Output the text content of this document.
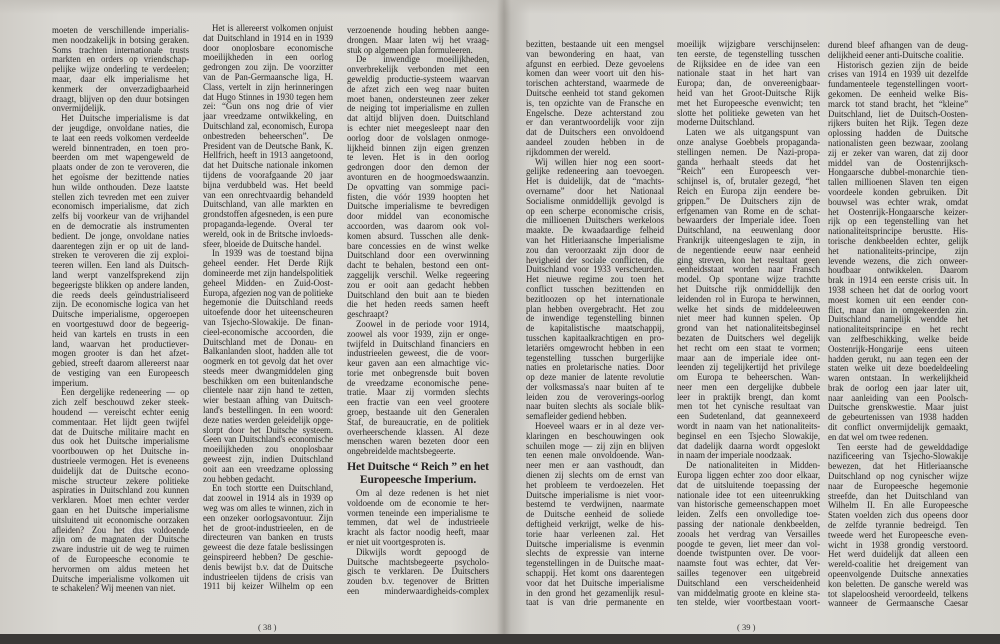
moeten de verschillende imperialis-
men noodzakelijk in botsing geraken.
Soms trachten internationale trusts
markten en orders op vriendschap-
pelijke wijze onderling te verdeelen;
maar, daar elk imperialisme het
kenmerk der onverzadigbaarheid
draagt, blijven op den duur botsingen
onvermijdelijk.
Het Duitsche imperialisme is dat
der jeugdige, onvoldane naties, die
te laat een reeds volkomen verdeelde
wereld binnentraden, en toen pro-
beerden om met wapengeweld de
plaats onder de zon te veroveren, die
het egoïsme der bezittende naties
hun wilde onthouden. Deze laatste
stellen zich tevreden met een zuiver
economisch imperialisme, dat zich
zelfs bij voorkeur van de vrijhandel
en de democratie als instrumenten
bedient. De jonge, onvoldane naties
daarentegen zijn er op uit de land-
streken te veroveren die zij exploi-
teeren willen. Een land als Duitsch-
land werpt vanzelfsprekend zijn
begeerigste blikken op andere landen,
die reeds deels geïndustrialiseerd
zijn. De economische logica van het
Duitsche imperialisme, opgeroepen
en voortgestuwd door de begeerig-
heid van kartels en trusts in een
land, waarvan het productiever-
mogen grooter is dan het afzet-
gebied, streeft daarom allereerst naar
de vestiging van een Europeesch
imperium.
Een dergelijke redeneering — op
zich zelf beschouwd zeker steek-
houdend — vereischt echter eenig
commentaar. Het lijdt geen twijfel
dat de Duitsche militaire macht en
dus ook het Duitsche imperialisme
voortbouwen op het Duitsche in-
dustrieele vermogen. Het is eveneens
duidelijk dat de Duitsche econo-
mische structeur zekere politieke
aspiraties in Duitschland zou kunnen
verklaren. Moet men echter verder
gaan en het Duitsche imperialisme
uitsluitend uit economische oorzaken
afleiden? Zou het dus voldoende
zijn om de magnaten der Duitsche
zware industrie uit de weg te ruimen
of de Europeesche economie te
hervormen om aldus meteen het
Duitsche imperialisme volkomen uit
te schakelen? Wij meenen van niet.
Het is allereerst volkomen onjuist
dat Duitschland in 1914 en in 1939
door onoplosbare economische
moeilijkheden in een oorlog
gedrongen zou zijn. De voorzitter
van de Pan-Germaansche liga, H.
Class, vertelt in zijn herinneringen
dat Hugo Stinnes in 1930 tegen hem
zei: “Gun ons nog drie of vier
jaar vreedzame ontwikkeling, en
Duitschland zal, economisch, Europa
onbestreden beheerschen”. De
President van de Deutsche Bank, K.
Hellfrich, heeft in 1913 aangetoond,
dat het Duitsche nationale inkomen
tijdens de voorafgaande 20 jaar
bijna verdubbeld was. Het beeld
van een onrechtvaardig behandeld
Duitschland, van alle markten en
grondstoffen afgesneden, is een pure
propaganda-legende. Overal ter
wereld, ook in de Britsche invloeds-
sfeer, bloeide de Duitsche handel.
In 1939 was de toestand bijna
geheel eender. Het Derde Rijk
domineerde met zijn handelspolitiek
geheel Midden- en Zuid-Oost-
Europa, afgezien nog van de politieke
hegemonie die Duitschland reeds
uitoefende door het uiteenscheuren
van Tsjecho-Slowakije. De finan-
cieel-economische accoorden, die
Duitschland met de Donau- en
Balkanlanden sloot, hadden alle tot
oogmerk en tot gevolg dat het over
steeds meer dwangmiddelen ging
beschikken om een buitenlandsche
clientele naar zijn hand te zetten,
wier bestaan afhing van Duitsch-
land's bestellingen. In een woord:
deze naties werden geleidelijk opge-
slorpt door het Duitsche systeem.
Geen van Duitschland's economische
moeilijkheden zou onoplosbaar
geweest zijn, indien Duitschland
ooit aan een vreedzame oplossing
zou hebben gedacht.
En toch stortte een Duitschland,
dat zoowel in 1914 als in 1939 op
weg was om alles te winnen, zich in
een onzeker oorlogsavontuur. Zijn
het de groot-industrieelen, en de
directeuren van banken en trusts
geweest die deze fatale beslissingen
geinspireerd hebben? De geschie-
denis bewijst b.v. dat de Duitsche
industrieelen tijdens de crisis van
1911 bij keizer Wilhelm op een
verzoenende houding hebben aange-
drongen. Maar laten wij het vraag-
stuk op algemeen plan formuleeren.
De inwendige moeilijkheden,
onverbrekelijk verbonden met een
geweldig productie-systeem waarvan
de afzet zich een weg naar buiten
moet banen, ondersteunen zeer zeker
de neiging tot imperialisme en zullen
dat altijd blijven doen. Duitschland
is echter niet meegesleept naar den
oorlog door de volslagen onmoge-
lijkheid binnen zijn eigen grenzen
te leven. Het is in den oorlog
gedrongen door den demon der
avonturen en de hoogmoedswaanzin.
De opvatting van sommige paci-
fisten, die vóór 1939 hoopten het
Duitsche imperialisme te bevredigen
door middel van economische
accoorden, was daarom ook vol-
komen absurd. Tusschen alle denk-
bare concessies en de winst welke
Duitschland door een overwinning
dacht te behalen, bestond een ont-
zaggelijk verschil. Welke regeering
zou er ooit aan gedacht hebben
Duitschland den buit aan te bieden
die het heden reeds samen heeft
geschraapt?
Zoowel in de periode voor 1914,
zoowel als voor 1939, zijn er onge-
twijfeld in Duitschland financiers en
industrieelen geweest, die de voor-
keur gaven aan een almachtige vic-
torie met onbegrensde buit boven
de vreedzame economische pene-
tratie. Maar zij vormden slechts
een fractie van een veel grootere
groep, bestaande uit den Generalen
Staf, de bureaucratie, en de politiek
overheerschende klassen. Al deze
menschen waren bezeten door een
ongebreidelde machtsbegeerte.
Het Duitsche “ Reich ” en het
Europeesche Imperium.
Om al deze redenen is het niet
voldoende om de economie te her-
vormen teneinde een imperialisme te
temmen, dat wel de industrieele
kracht als factor noodig heeft, maar
er niet uit voortgesproten is.
Dikwijls wordt gepoogd de
Duitsche machtsbegeerte psycholo-
gisch te verklaren. De Duitschers
zouden b.v. tegenover de Britten
een minderwaardigheids-complex
bezitten, bestaande uit een mengsel
van bewondering en haat, van
afgunst en eerbied. Deze gevoelens
komen dan weer voort uit den his-
torischen achterstand, waarmede de
Duitsche eenheid tot stand gekomen
is, ten opzichte van de Fransche en
Engelsche. Deze achterstand zou
er dan verantwoordelijk voor zijn
dat de Duitschers een onvoldoend
aandeel zouden hebben in de
rijkdommen der wereld.
Wij willen hier nog een soort-
gelijke redeneering aan toevoegen.
Het is duidelijk, dat de “machts-
overname” door het Nationaal
Socialisme onmiddellijk gevolgd is
op een scherpe economische crisis,
die millioenen Duitschers werkeloos
maakte. De kwaadaardige felheid
van het Hitleriaansche Imperialisme
zou dan veroorzaakt zijn door de
hevigheid der sociale conflicten, die
Duitschland voor 1933 verscheurden.
Het nieuwe regime zou toen het
conflict tusschen bezittenden en
bezitloozen op het internationale
plan hebben overgebracht. Het zou
de inwendige tegenstelling binnen
de kapitalistische maatschappij,
tusschen kapitaalkrachtigen en pro-
letariërs omgewrocht hebben in een
tegenstelling tusschen burgerlijke
naties en proletarische naties. Door
op deze manier de latente revolutie
der volksmassa's naar buiten af te
leiden zou de veroverings-oorlog
naar buiten slechts als sociale blik-
semafleider gediend hebben.
Hoeveel waars er in al deze ver-
klaringen en beschouwingen ook
schuilen moge — zij zijn en blijven
ten eenen male onvoldoende. Wan-
neer men er aan vasthoudt, dan
dienen zij slechts om de ernst van
het probleem te verdoezelen. Het
Duitsche imperialisme is niet voor-
bestemd te verdwijnen, naarmate
de Duitsche eenheid de soliede
deftigheid verkrijgt, welke de his-
torie haar verleenen zal. Het
Duitsche imperialisme is evenmin
slechts de expressie van interne
tegenstellingen in de Duitsche maat-
schappij. Het komt ons daarentegen
voor dat het Duitsche imperialisme
in den grond het gezamenlijk resul-
taat is van drie permanente en
moeilijk wijzigbare verschijnselen:
ten eerste, de tegenstelling tusschen
de Rijksidee en de idee van een
nationale staat in het hart van
Europa; dan, de onvereenigbaar-
heid van het Groot-Duitsche Rijk
met het Europeesche evenwicht; ten
slotte het politieke geweten van het
moderne Duitschland.
Laten we als uitgangspunt van
onze analyse Goebbels propaganda-
stellingen nemen. De Nazi-propa-
ganda herhaalt steeds dat het
“Reich” een Europeesch ver-
schijnsel is, of, brutaler gezegd, “het
Reich en Europa zijn eendere be-
grippen.” De Duitschers zijn de
erfgenamen van Rome en de schat-
bewaarders der Imperiale idee. Toen
Duitschland, na eeuwenlang door
Frankrijk uiteengeslagen te zijn, in
de negentiende eeuw naar eenheid
ging streven, kon het resultaat geen
eenheidsstaat worden naar Fransch
model. Op spontane wijze trachtte
het Duitsche rijk onmiddellijk den
leidenden rol in Europa te herwinnen,
welke het sinds de middeleeuwen
niet meer had kunnen spelen. Op
grond van het nationaliteitsbeginsel
bezaten de Duitschers wel degelijk
het recht om een staat te vormen;
maar aan de imperiale idee ont-
leenden zij tegelijkertijd het privilege
om Europa te beheerschen. Wan-
neer men een dergelijke dubbele
leer in praktijk brengt, dan komt
men tot het cynische resultaat van
een Sudetenland, dat geannexeerd
wordt in naam van het nationaliteits-
beginsel en een Tsjecho Slowakije,
dat dadelijk daarna wordt opgeslokt
in naam der imperiale noodzaak.
De nationaliteiten in Midden-
Europa liggen echter zoo door elkaar,
dat de uitsluitende toepassing der
nationale idee tot een uiteenrukking
van historische gemeenschappen moet
leiden. Zelfs een onvolledige toe-
passing der nationale denkbeelden,
zooals het verdrag van Versailles
poogde te geven, liet meer dan vol-
doende twistpunten over. De voor-
naamste fout was echter, dat Ver-
sailles tegenover een uitgebreid
Duitschland een verscheidenheid
van middelmatig groote en kleine sta-
ten stelde, wier voortbestaan voort-
durend bleef afhangen van de deug-
delijkheid eener anti-Duitsche coalitie.
Historisch gezien zijn de beide
crises van 1914 en 1939 uit dezelfde
fundamenteele tegenstellingen voort-
gekomen. De eenheid welke Bis-
marck tot stand bracht, het “kleine”
Duitschland, liet de Duitsch-Oosten-
rijkers buiten het Rijk. Tegen deze
oplossing hadden de Duitsche
nationalisten geen bezwaar, zoolang
zij er zeker van waren, dat zij door
middel van de Oostenrijksch-
Hongaarsche dubbel-monarchie tien-
tallen millioenen Slaven ten eigen
voordeele konden gebruiken. Dit
bouwsel was echter wrak, omdat
het Oostenrijk-Hongaarsche keizer-
rijk op een tegenstelling van het
nationaliteitsprincipe berustte. His-
torische denkbeelden echter, gelijk
het nationaliteits-principe, zijn
levende wezens, die zich onweer-
houdbaar ontwikkelen. Daarom
brak in 1914 een eerste crisis uit. In
1938 scheen het dat de oorlog voort
moest komen uit een eender con-
flict, maar dan in omgekeerden zin.
Duitschland namelijk wendde het
nationaliteitsprincipe en het recht
van zelfbeschikking, welke beide
Oostenrijk-Hongarije eens uiteen
hadden gerukt, nu aan tegen een der
staten welke uit deze boedeldeeling
waren ontstaan. In werkelijkheid
brak de oorlog een jaar later uit,
naar aanleiding van een Poolsch-
Duitsche grenskwestie. Maar juist
de gebeurtenissen van 1938 hadden
dit conflict onvermijdelijk gemaakt,
en dat wel om twee redenen.
Ten eerste had de gewelddadige
nazificeering van Tsjecho-Slowakije
bewezen, dat het Hitleriaansche
Duitschland op nog cynischer wijze
naar de Europeesche hegemonie
streefde, dan het Duitschland van
Wilhelm II. En alle Europeesche
Staten voelden zich dus opeens door
de zelfde tyrannie bedreigd. Ten
tweede werd het Europeesche even-
wicht in 1938 grondig verstoord.
Het werd duidelijk dat alleen een
wereld-coalitie het dreigement van
opeenvolgende Duitsche annexaties
kon beletten. De gansche wereld was
tot slapeloosheid veroordeeld, telkens
wanneer de Germaansche Caesar
( 38 )	( 39 )
